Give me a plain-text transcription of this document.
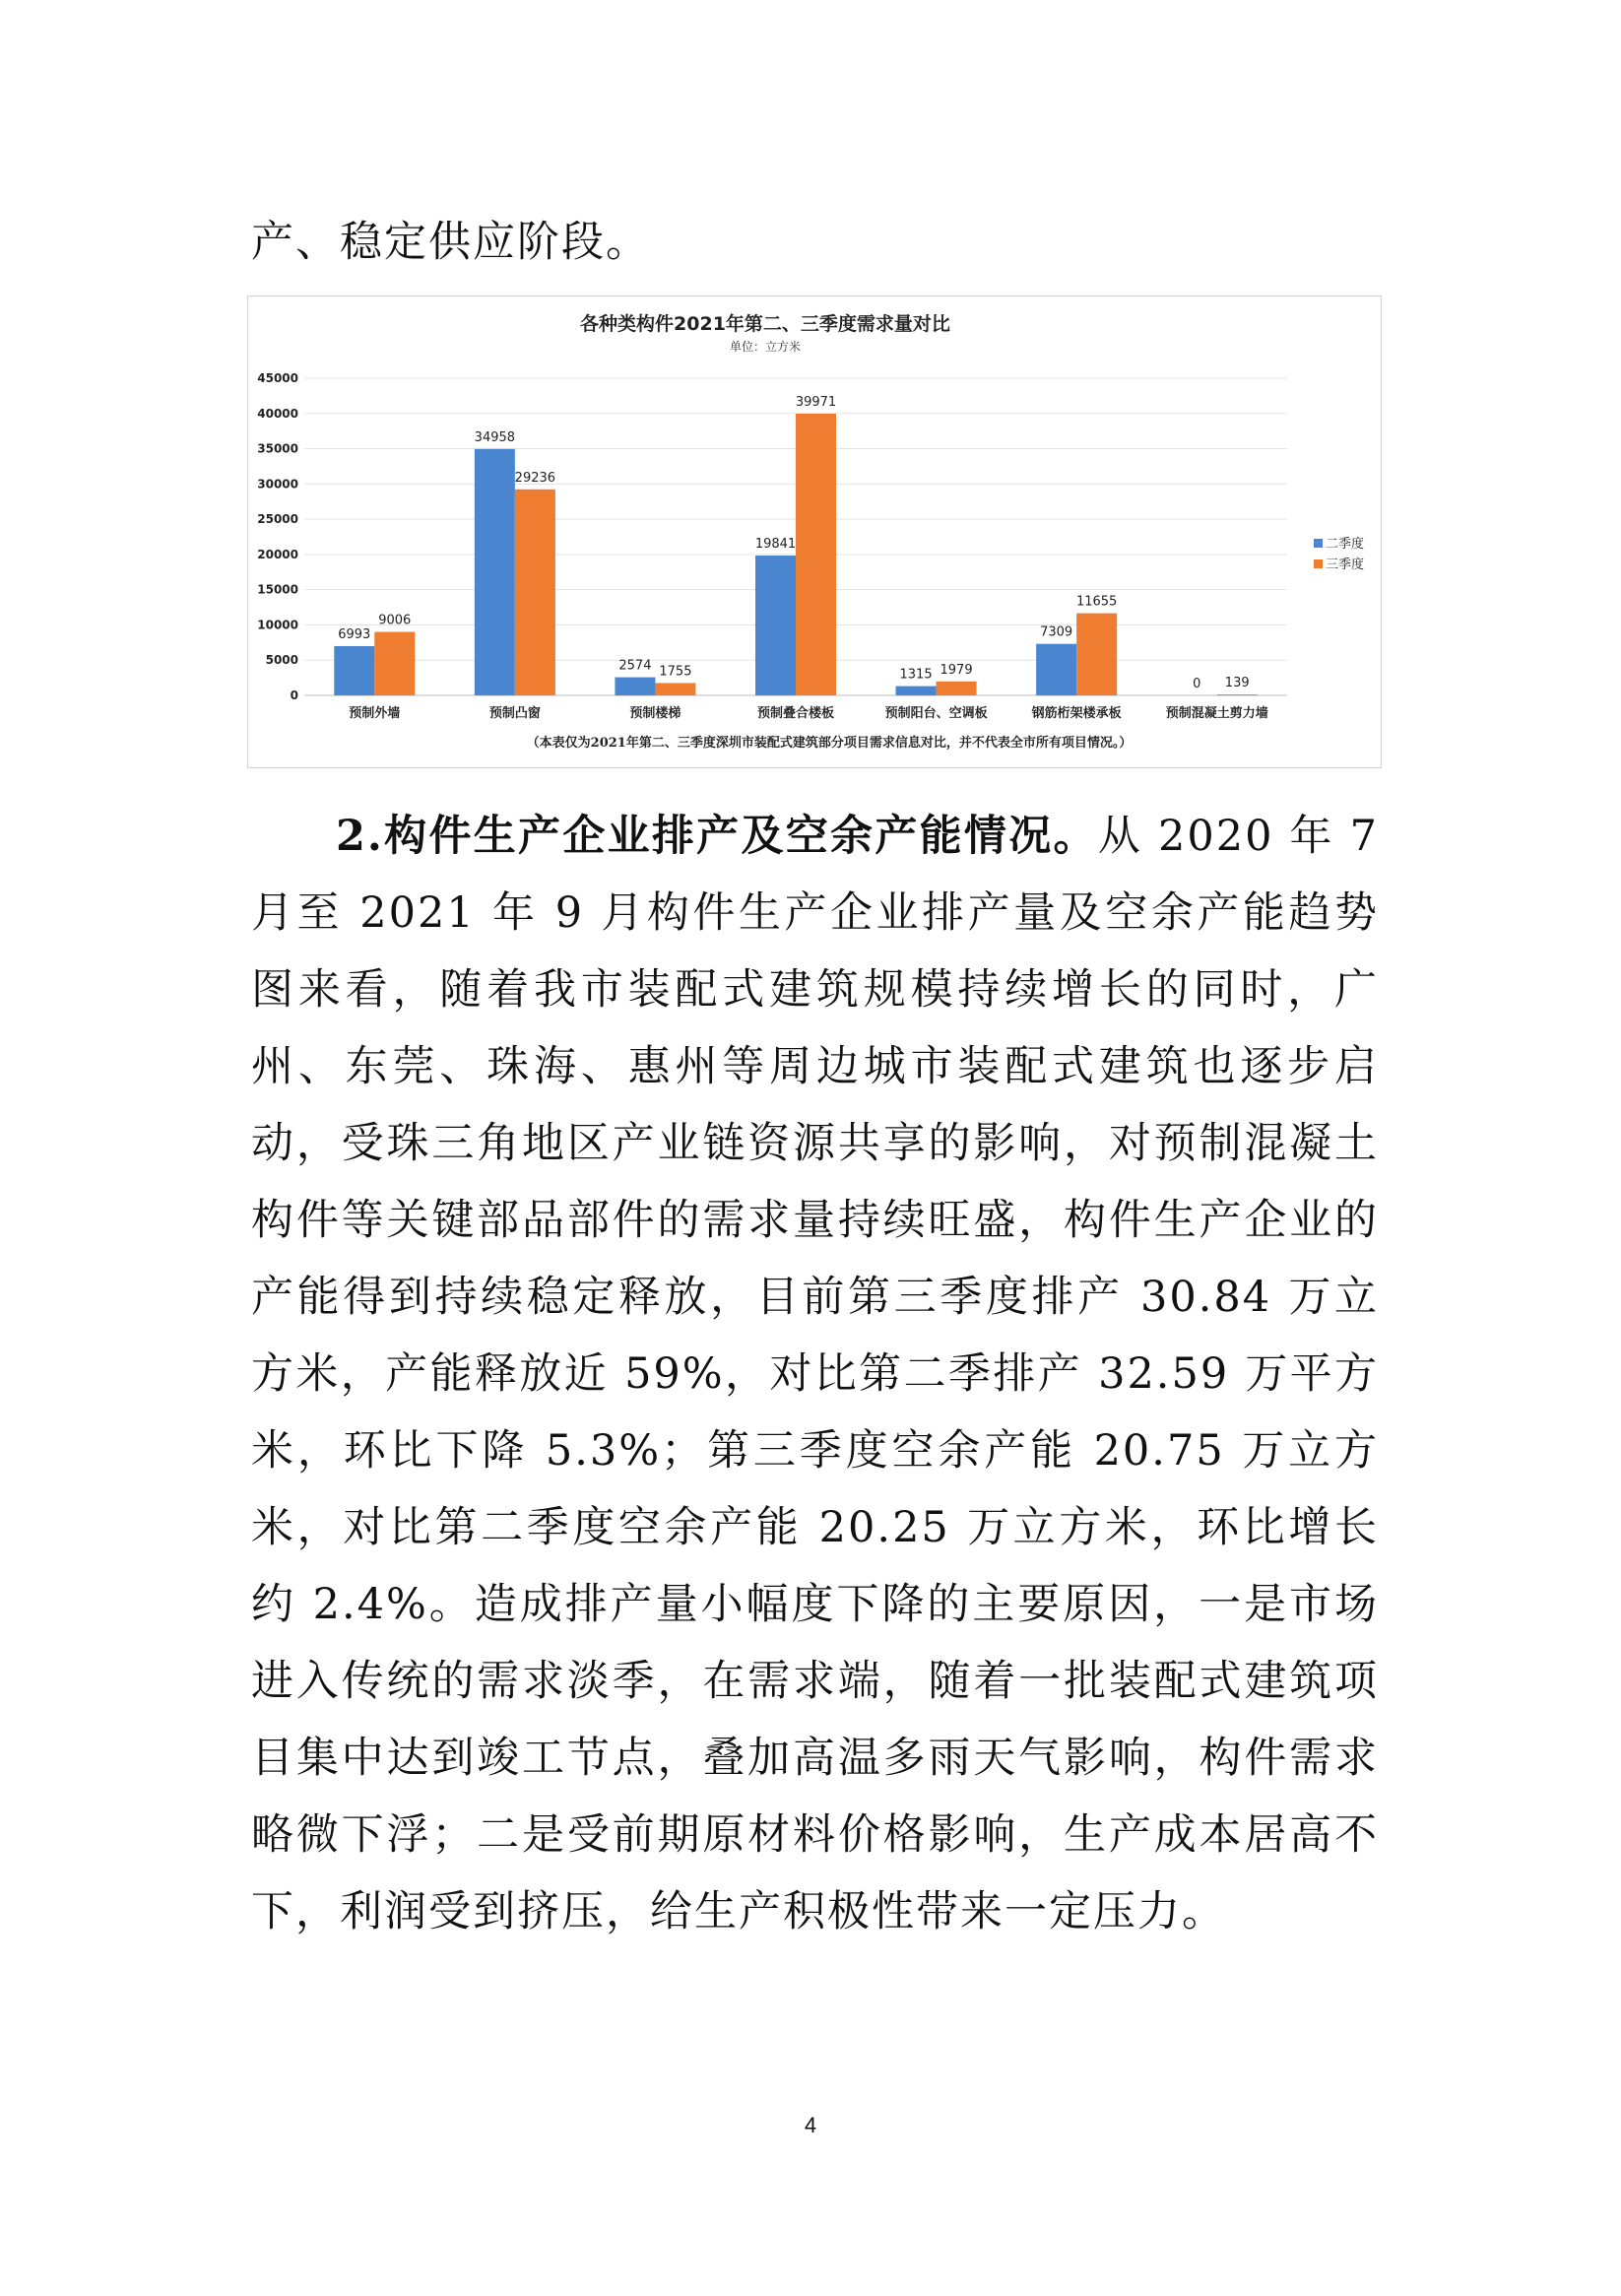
产、稳定供应阶段。

各种类构件2021年第二、三季度需求量对比
单位：立方米
0
5000
10000
15000
20000
25000
30000
35000
40000
45000
6993
9006
预制外墙
34958
29236
预制凸窗
2574 1755
预制楼梯
19841
39971
预制叠合楼板
1315 1979
预制阳台、空调板
7309
11655
钢筋桁架楼承板
0 139
预制混凝土剪力墙
二季度
三季度
（本表仅为2021年第二、三季度深圳市装配式建筑部分项目需求信息对比，并不代表全市所有项目情况。）

2.构件生产企业排产及空余产能情况。从 2020 年 7 月至 2021 年 9 月构件生产企业排产量及空余产能趋势图来看，随着我市装配式建筑规模持续增长的同时，广州、东莞、珠海、惠州等周边城市装配式建筑也逐步启动，受珠三角地区产业链资源共享的影响，对预制混凝土构件等关键部品部件的需求量持续旺盛，构件生产企业的产能得到持续稳定释放，目前第三季度排产 30.84 万立方米，产能释放近 59%，对比第二季排产 32.59 万平方米，环比下降 5.3%；第三季度空余产能 20.75 万立方米，对比第二季度空余产能 20.25 万立方米，环比增长约 2.4%。造成排产量小幅度下降的主要原因，一是市场进入传统的需求淡季，在需求端，随着一批装配式建筑项目集中达到竣工节点，叠加高温多雨天气影响，构件需求略微下浮；二是受前期原材料价格影响，生产成本居高不下，利润受到挤压，给生产积极性带来一定压力。

4
